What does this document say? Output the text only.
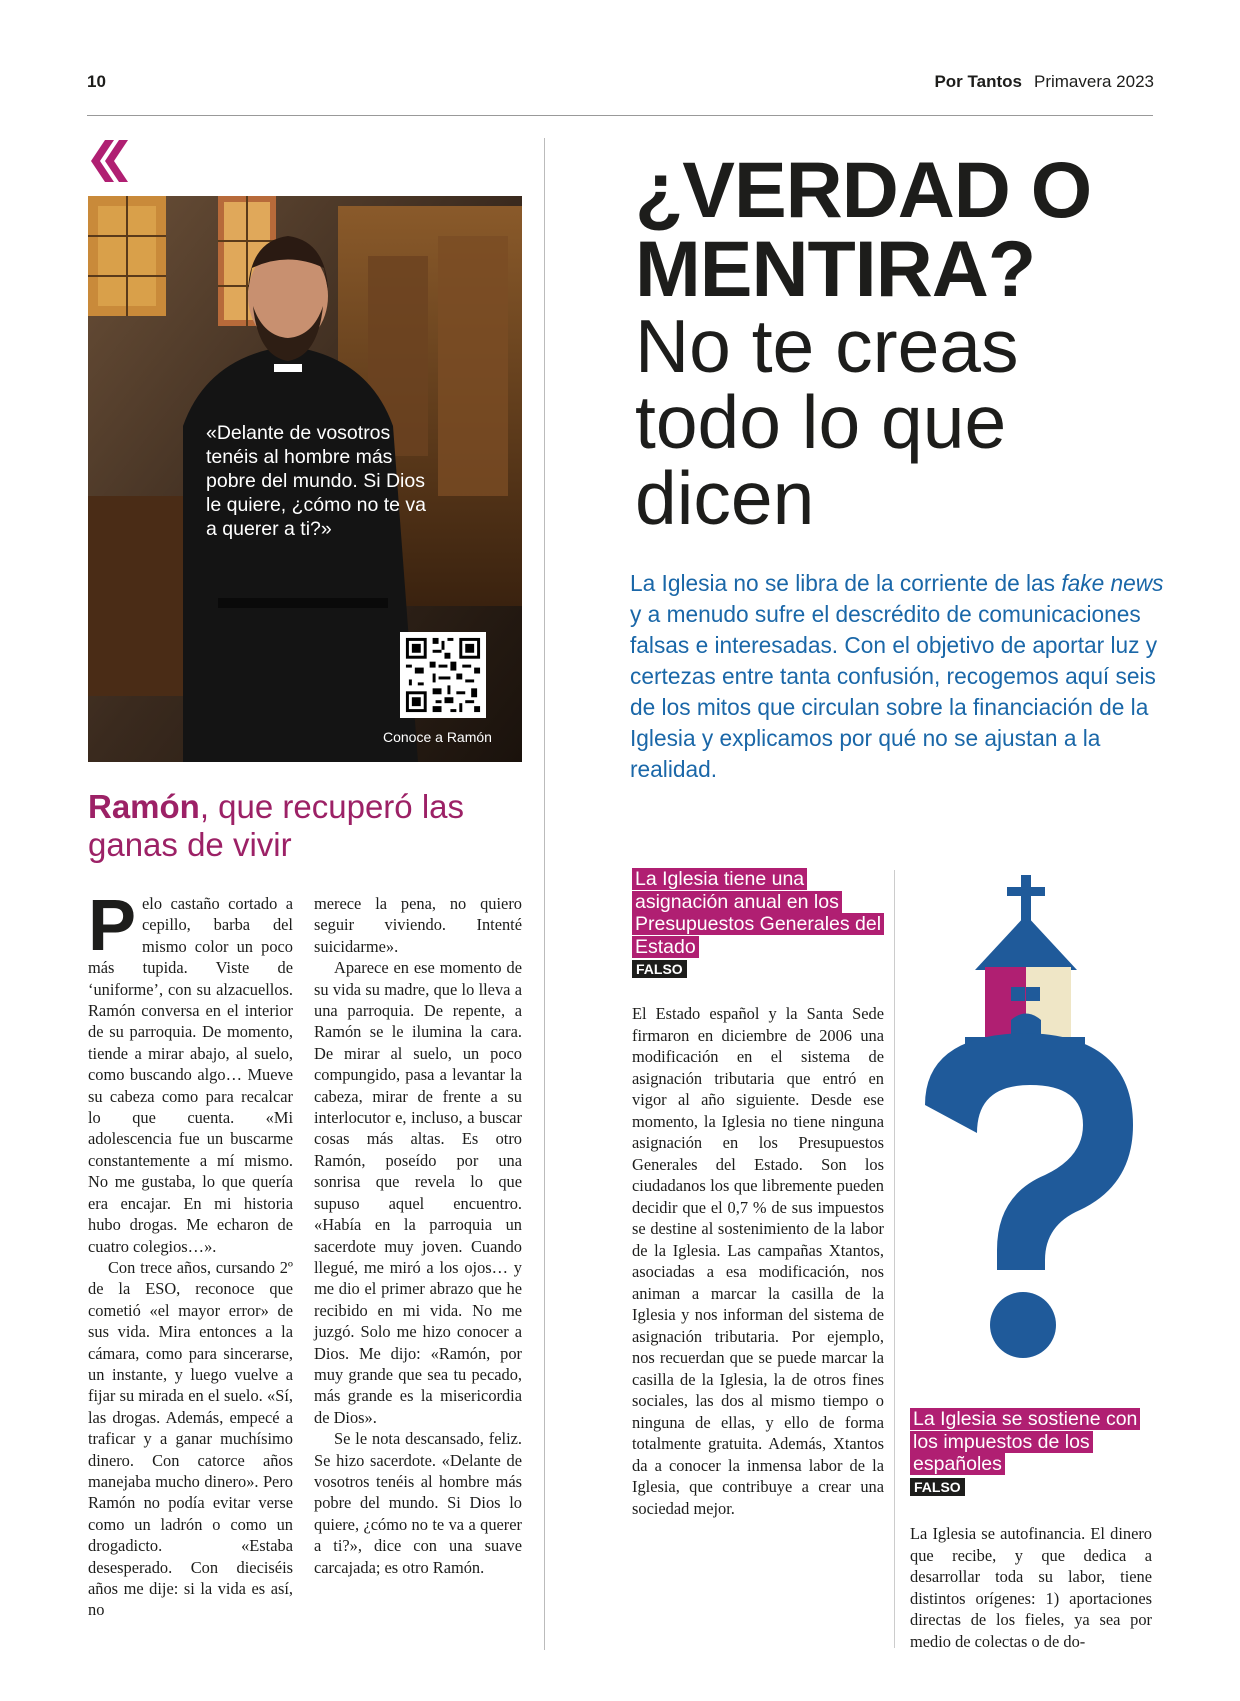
10	Por Tantos Primavera 2023
«Delante de vosotros tenéis al hombre más pobre del mundo. Si Dios le quiere, ¿cómo no te va a querer a ti?»
Conoce a Ramón
Ramón, que recuperó las ganas de vivir

Pelo castaño cortado a cepillo, barba del mismo color un poco más tupida. Viste de ‘uniforme’, con su alzacuellos. Ramón conversa en el interior de su parroquia. De momento, tiende a mirar abajo, al suelo, como buscando algo… Mueve su cabeza como para recalcar lo que cuenta. «Mi adolescencia fue un buscarme constantemente a mí mismo. No me gustaba, lo que quería era encajar. En mi historia hubo drogas. Me echaron de cuatro colegios…».

Con trece años, cursando 2º de la ESO, reconoce que cometió «el mayor error» de sus vida. Mira entonces a la cámara, como para sincerarse, un instante, y luego vuelve a fijar su mirada en el suelo. «Sí, las drogas. Además, empecé a traficar y a ganar muchísimo dinero. Con catorce años manejaba mucho dinero». Pero Ramón no podía evitar verse como un ladrón o como un drogadicto. «Estaba desesperado. Con dieciséis años me dije: si la vida es así, no

merece la pena, no quiero seguir viviendo. Intenté suicidarme».

Aparece en ese momento de su vida su madre, que lo lleva a una parroquia. De repente, a Ramón se le ilumina la cara. De mirar al suelo, un poco compungido, pasa a levantar la cabeza, mirar de frente a su interlocutor e, incluso, a buscar cosas más altas. Es otro Ramón, poseído por una sonrisa que revela lo que supuso aquel encuentro. «Había en la parroquia un sacerdote muy joven. Cuando llegué, me miró a los ojos… y me dio el primer abrazo que he recibido en mi vida. No me juzgó. Solo me hizo conocer a Dios. Me dijo: «Ramón, por muy grande que sea tu pecado, más grande es la misericordia de Dios».

Se le nota descansado, feliz. Se hizo sacerdote. «Delante de vosotros tenéis al hombre más pobre del mundo. Si Dios lo quiere, ¿cómo no te va a querer a ti?», dice con una suave carcajada; es otro Ramón.

¿VERDAD O MENTIRA?
No te creas todo lo que dicen
La Iglesia no se libra de la corriente de las fake news y a menudo sufre el descrédito de comunicaciones falsas e interesadas. Con el objetivo de aportar luz y certezas entre tanta confusión, recogemos aquí seis de los mitos que circulan sobre la financiación de la Iglesia y explicamos por qué no se ajustan a la realidad.
La Iglesia tiene una asignación anual en los Presupuestos Generales del Estado
FALSO
El Estado español y la Santa Sede firmaron en diciembre de 2006 una modificación en el sistema de asignación tributaria que entró en vigor al año siguiente. Desde ese momento, la Iglesia no tiene ninguna asignación en los Presupuestos Generales del Estado. Son los ciudadanos los que libremente pueden decidir que el 0,7 % de sus impuestos se destine al sostenimiento de la labor de la Iglesia. Las campañas Xtantos, asociadas a esa modificación, nos animan a marcar la casilla de la Iglesia y nos informan del sistema de asignación tributaria. Por ejemplo, nos recuerdan que se puede marcar la casilla de la Iglesia, la de otros fines sociales, las dos al mismo tiempo o ninguna de ellas, y ello de forma totalmente gratuita. Además, Xtantos da a conocer la inmensa labor de la Iglesia, que contribuye a crear una sociedad mejor.
La Iglesia se sostiene con los impuestos de los españoles
FALSO
La Iglesia se autofinancia. El dinero que recibe, y que dedica a desarrollar toda su labor, tiene distintos orígenes: 1) aportaciones directas de los fieles, ya sea por medio de colectas o de do-
